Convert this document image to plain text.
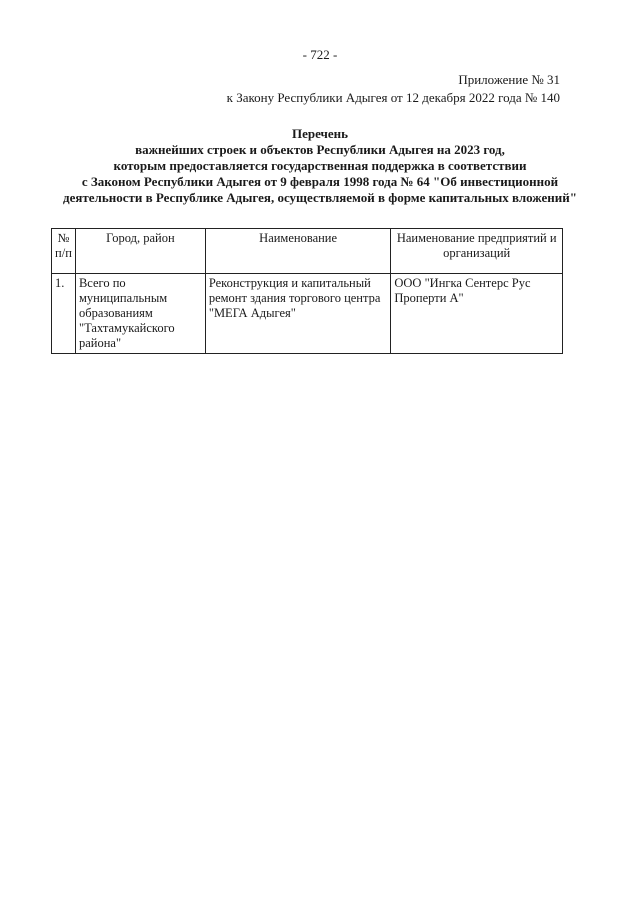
- 722 -
Приложение № 31
к Закону Республики Адыгея от 12 декабря 2022 года № 140
Перечень
важнейших строек и объектов Республики Адыгея на 2023 год,
которым предоставляется государственная поддержка в соответствии
с Законом Республики Адыгея от 9 февраля 1998 года № 64 "Об инвестиционной
деятельности в Республике Адыгея, осуществляемой в форме капитальных вложений"
№ п/п	Город, район	Наименование	Наименование предприятий и организаций
1.	Всего по муниципальным образованиям "Тахтамукайского района"	Реконструкция и капитальный ремонт здания торгового центра "МЕГА Адыгея"	ООО "Ингка Сентерс Рус Проперти А"
